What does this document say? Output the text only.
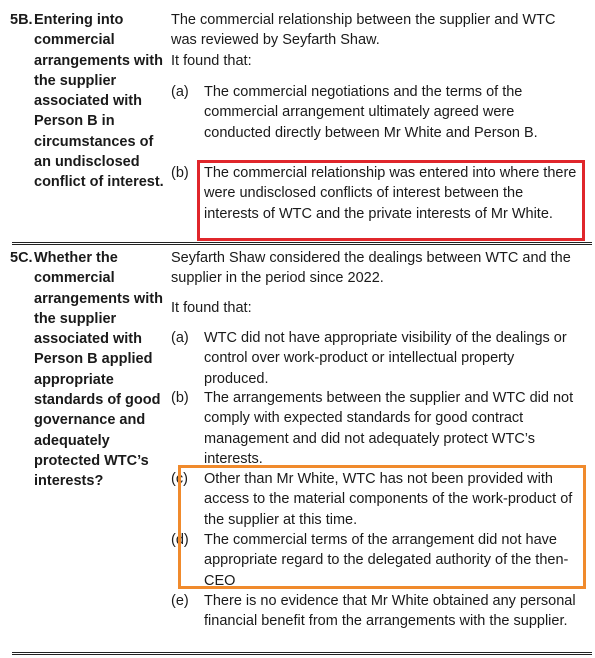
5B. Entering into commercial arrangements with the supplier associated with Person B in circumstances of an undisclosed conflict of interest.
The commercial relationship between the supplier and WTC was reviewed by Seyfarth Shaw.
It found that:
(a) The commercial negotiations and the terms of the commercial arrangement ultimately agreed were conducted directly between Mr White and Person B.
(b) The commercial relationship was entered into where there were undisclosed conflicts of interest between the interests of WTC and the private interests of Mr White.
5C. Whether the commercial arrangements with the supplier associated with Person B applied appropriate standards of good governance and adequately protected WTC’s interests?
Seyfarth Shaw considered the dealings between WTC and the supplier in the period since 2022.
It found that:
(a) WTC did not have appropriate visibility of the dealings or control over work-product or intellectual property produced.
(b) The arrangements between the supplier and WTC did not comply with expected standards for good contract management and did not adequately protect WTC’s interests.
(c) Other than Mr White, WTC has not been provided with access to the material components of the work-product of the supplier at this time.
(d) The commercial terms of the arrangement did not have appropriate regard to the delegated authority of the then-CEO
(e) There is no evidence that Mr White obtained any personal financial benefit from the arrangements with the supplier.
